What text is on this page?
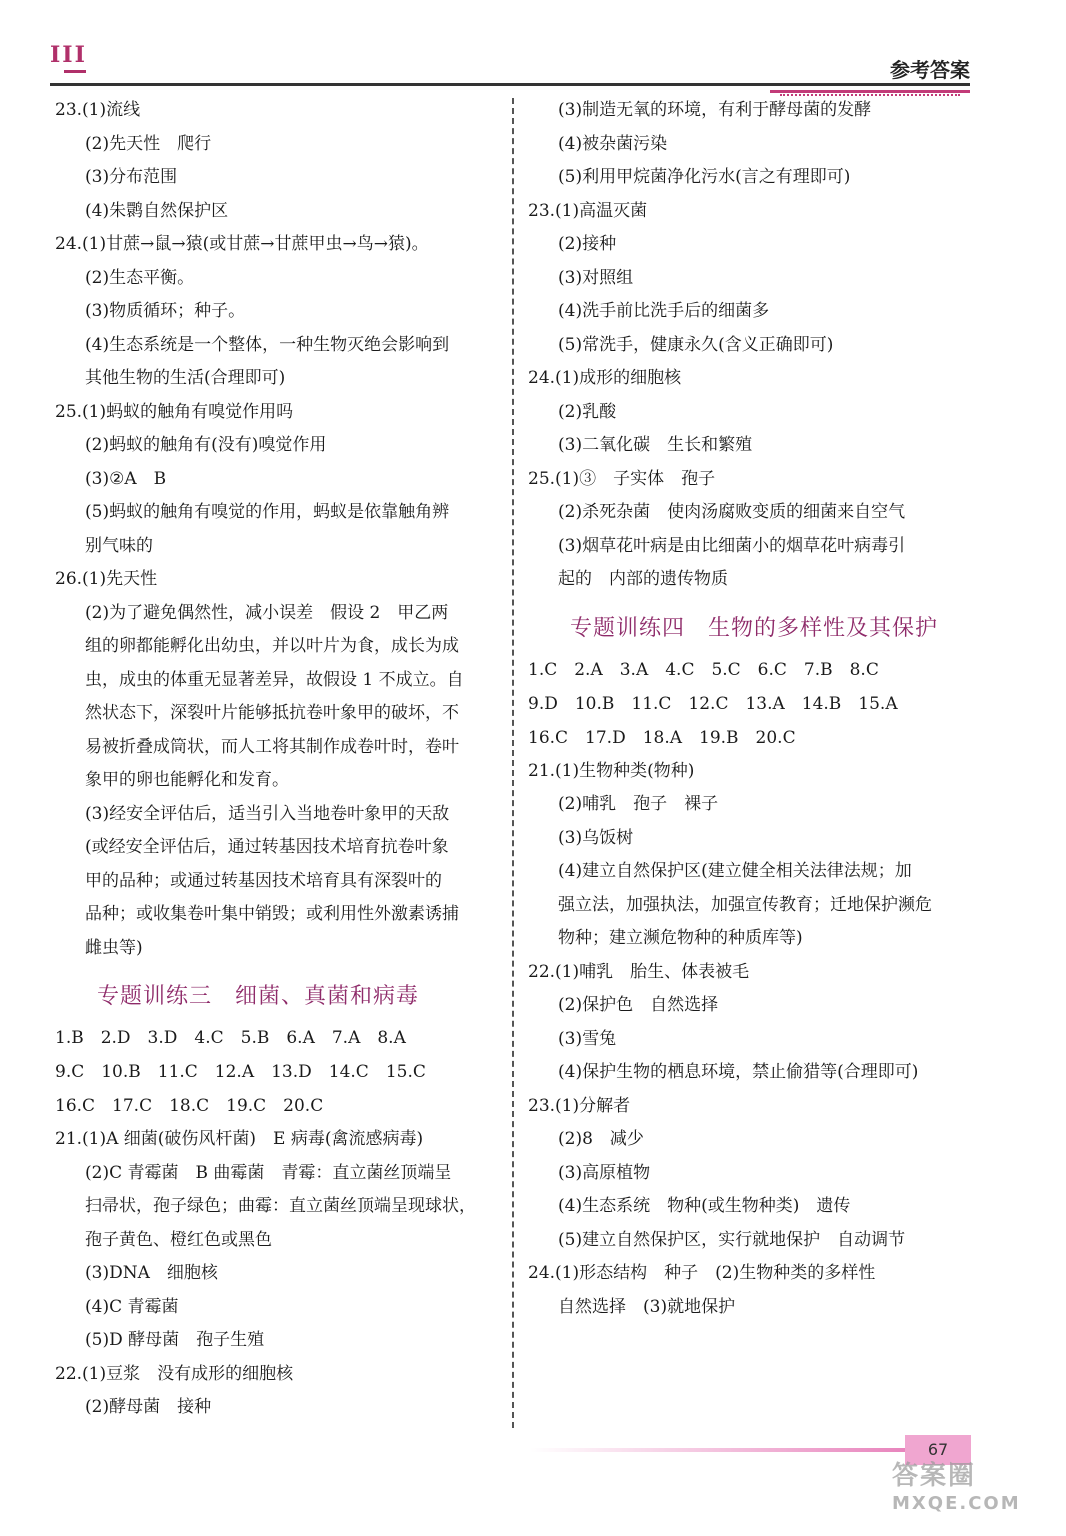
III
参考答案
23.(1)流线
(2)先天性　爬行
(3)分布范围
(4)朱鹮自然保护区
24.(1)甘蔗→鼠→猿(或甘蔗→甘蔗甲虫→鸟→猿)。
(2)生态平衡。
(3)物质循环；种子。
(4)生态系统是一个整体，一种生物灭绝会影响到
其他生物的生活(合理即可)
25.(1)蚂蚁的触角有嗅觉作用吗
(2)蚂蚁的触角有(没有)嗅觉作用
(3)②A　B
(5)蚂蚁的触角有嗅觉的作用，蚂蚁是依靠触角辨
别气味的
26.(1)先天性
(2)为了避免偶然性，减小误差　假设 2　甲乙两
组的卵都能孵化出幼虫，并以叶片为食，成长为成
虫，成虫的体重无显著差异，故假设 1 不成立。自
然状态下，深裂叶片能够抵抗卷叶象甲的破坏，不
易被折叠成筒状，而人工将其制作成卷叶时，卷叶
象甲的卵也能孵化和发育。
(3)经安全评估后，适当引入当地卷叶象甲的天敌
(或经安全评估后，通过转基因技术培育抗卷叶象
甲的品种；或通过转基因技术培育具有深裂叶的
品种；或收集卷叶集中销毁；或利用性外激素诱捕
雌虫等)
专题训练三　细菌、真菌和病毒
1.B　2.D　3.D　4.C　5.B　6.A　7.A　8.A
9.C　10.B　11.C　12.A　13.D　14.C　15.C
16.C　17.C　18.C　19.C　20.C
21.(1)A 细菌(破伤风杆菌)　E 病毒(禽流感病毒)
(2)C 青霉菌　B 曲霉菌　青霉：直立菌丝顶端呈
扫帚状，孢子绿色；曲霉：直立菌丝顶端呈现球状，
孢子黄色、橙红色或黑色
(3)DNA　细胞核
(4)C 青霉菌
(5)D 酵母菌　孢子生殖
22.(1)豆浆　没有成形的细胞核
(2)酵母菌　接种
(3)制造无氧的环境，有利于酵母菌的发酵
(4)被杂菌污染
(5)利用甲烷菌净化污水(言之有理即可)
23.(1)高温灭菌
(2)接种
(3)对照组
(4)洗手前比洗手后的细菌多
(5)常洗手，健康永久(含义正确即可)
24.(1)成形的细胞核
(2)乳酸
(3)二氧化碳　生长和繁殖
25.(1)③　子实体　孢子
(2)杀死杂菌　使肉汤腐败变质的细菌来自空气
(3)烟草花叶病是由比细菌小的烟草花叶病毒引
起的　内部的遗传物质
专题训练四　生物的多样性及其保护
1.C　2.A　3.A　4.C　5.C　6.C　7.B　8.C
9.D　10.B　11.C　12.C　13.A　14.B　15.A
16.C　17.D　18.A　19.B　20.C
21.(1)生物种类(物种)
(2)哺乳　孢子　裸子
(3)乌饭树
(4)建立自然保护区(建立健全相关法律法规；加
强立法，加强执法，加强宣传教育；迁地保护濒危
物种；建立濒危物种的种质库等)
22.(1)哺乳　胎生、体表被毛
(2)保护色　自然选择
(3)雪兔
(4)保护生物的栖息环境，禁止偷猎等(合理即可)
23.(1)分解者
(2)8　减少
(3)高原植物
(4)生态系统　物种(或生物种类)　遗传
(5)建立自然保护区，实行就地保护　自动调节
24.(1)形态结构　种子　(2)生物种类的多样性
自然选择　(3)就地保护
67
答案圈
MXQE.COM
